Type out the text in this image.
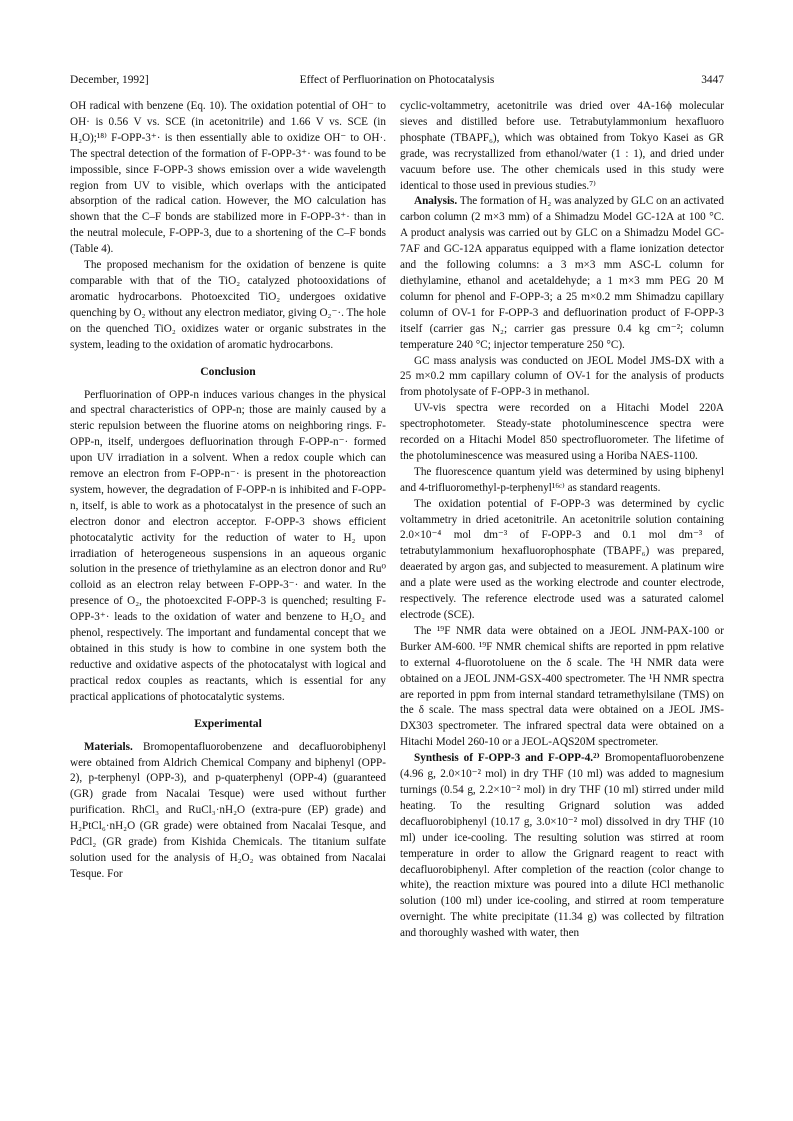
December, 1992]	Effect of Perfluorination on Photocatalysis	3447

OH radical with benzene (Eq. 10). The oxidation potential of OH⁻ to OH· is 0.56 V vs. SCE (in acetonitrile) and 1.66 V vs. SCE (in H₂O);¹⁸⁾ F-OPP-3⁺· is then essentially able to oxidize OH⁻ to OH·. The spectral detection of the formation of F-OPP-3⁺· was found to be impossible, since F-OPP-3 shows emission over a wide wavelength region from UV to visible, which overlaps with the anticipated absorption of the radical cation. However, the MO calculation has shown that the C–F bonds are stabilized more in F-OPP-3⁺· than in the neutral molecule, F-OPP-3, due to a shortening of the C–F bonds (Table 4).

The proposed mechanism for the oxidation of benzene is quite comparable with that of the TiO₂ catalyzed photooxidations of aromatic hydrocarbons. Photoexcited TiO₂ undergoes oxidative quenching by O₂ without any electron mediator, giving O₂⁻·. The hole on the quenched TiO₂ oxidizes water or organic substrates in the system, leading to the oxidation of aromatic hydrocarbons.

Conclusion

Perfluorination of OPP-n induces various changes in the physical and spectral characteristics of OPP-n; those are mainly caused by a steric repulsion between the fluorine atoms on neighboring rings. F-OPP-n, itself, undergoes defluorination through F-OPP-n⁻· formed upon UV irradiation in a solvent. When a redox couple which can remove an electron from F-OPP-n⁻· is present in the photoreaction system, however, the degradation of F-OPP-n is inhibited and F-OPP-n, itself, is able to work as a photocatalyst in the presence of such an electron donor and electron acceptor. F-OPP-3 shows efficient photocatalytic activity for the reduction of water to H₂ upon irradiation of heterogeneous suspensions in an aqueous organic solution in the presence of triethylamine as an electron donor and Ru⁰ colloid as an electron relay between F-OPP-3⁻· and water. In the presence of O₂, the photoexcited F-OPP-3 is quenched; resulting F-OPP-3⁺· leads to the oxidation of water and benzene to H₂O₂ and phenol, respectively. The important and fundamental concept that we obtained in this study is how to combine in one system both the reductive and oxidative aspects of the photocatalyst with logical and practical redox couples as reactants, which is essential for any practical applications of photocatalytic systems.

Experimental

Materials. Bromopentafluorobenzene and decafluorobiphenyl were obtained from Aldrich Chemical Company and biphenyl (OPP-2), p-terphenyl (OPP-3), and p-quaterphenyl (OPP-4) (guaranteed (GR) grade from Nacalai Tesque) were used without further purification. RhCl₃ and RuCl₃·nH₂O (extra-pure (EP) grade) and H₂PtCl₆·nH₂O (GR grade) were obtained from Nacalai Tesque, and PdCl₂ (GR grade) from Kishida Chemicals. The titanium sulfate solution used for the analysis of H₂O₂ was obtained from Nacalai Tesque. For

cyclic-voltammetry, acetonitrile was dried over 4A-16ϕ molecular sieves and distilled before use. Tetrabutylammonium hexafluoro phosphate (TBAPF₆), which was obtained from Tokyo Kasei as GR grade, was recrystallized from ethanol/water (1 : 1), and dried under vacuum before use. The other chemicals used in this study were identical to those used in previous studies.⁷⁾

Analysis. The formation of H₂ was analyzed by GLC on an activated carbon column (2 m×3 mm) of a Shimadzu Model GC-12A at 100 °C. A product analysis was carried out by GLC on a Shimadzu Model GC-7AF and GC-12A apparatus equipped with a flame ionization detector and the following columns: a 3 m×3 mm ASC-L column for diethylamine, ethanol and acetaldehyde; a 1 m×3 mm PEG 20 M column for phenol and F-OPP-3; a 25 m×0.2 mm Shimadzu capillary column of OV-1 for F-OPP-3 and defluorination product of F-OPP-3 itself (carrier gas N₂; carrier gas pressure 0.4 kg cm⁻²; column temperature 240 °C; injector temperature 250 °C).

GC mass analysis was conducted on JEOL Model JMS-DX with a 25 m×0.2 mm capillary column of OV-1 for the analysis of products from photolysate of F-OPP-3 in methanol.

UV-vis spectra were recorded on a Hitachi Model 220A spectrophotometer. Steady-state photoluminescence spectra were recorded on a Hitachi Model 850 spectrofluorometer. The lifetime of the photoluminescence was measured using a Horiba NAES-1100.

The fluorescence quantum yield was determined by using biphenyl and 4-trifluoromethyl-p-terphenyl¹⁶ᶜ⁾ as standard reagents.

The oxidation potential of F-OPP-3 was determined by cyclic voltammetry in dried acetonitrile. An acetonitrile solution containing 2.0×10⁻⁴ mol dm⁻³ of F-OPP-3 and 0.1 mol dm⁻³ of tetrabutylammonium hexafluorophosphate (TBAPF₆) was prepared, deaerated by argon gas, and subjected to measurement. A platinum wire and a plate were used as the working electrode and counter electrode, respectively. The reference electrode used was a saturated calomel electrode (SCE).

The ¹⁹F NMR data were obtained on a JEOL JNM-PAX-100 or Burker AM-600. ¹⁹F NMR chemical shifts are reported in ppm relative to external 4-fluorotoluene on the δ scale. The ¹H NMR data were obtained on a JEOL JNM-GSX-400 spectrometer. The ¹H NMR spectra are reported in ppm from internal standard tetramethylsilane (TMS) on the δ scale. The mass spectral data were obtained on a JEOL JMS-DX303 spectrometer. The infrared spectral data were obtained on a Hitachi Model 260-10 or a JEOL-AQS20M spectrometer.

Synthesis of F-OPP-3 and F-OPP-4.²⁾ Bromopentafluorobenzene (4.96 g, 2.0×10⁻² mol) in dry THF (10 ml) was added to magnesium turnings (0.54 g, 2.2×10⁻² mol) in dry THF (10 ml) stirred under mild heating. To the resulting Grignard solution was added decafluorobiphenyl (10.17 g, 3.0×10⁻² mol) dissolved in dry THF (10 ml) under ice-cooling. The resulting solution was stirred at room temperature in order to allow the Grignard reagent to react with decafluorobiphenyl. After completion of the reaction (color change to white), the reaction mixture was poured into a dilute HCl methanolic solution (100 ml) under ice-cooling, and stirred at room temperature overnight. The white precipitate (11.34 g) was collected by filtration and thoroughly washed with water, then
